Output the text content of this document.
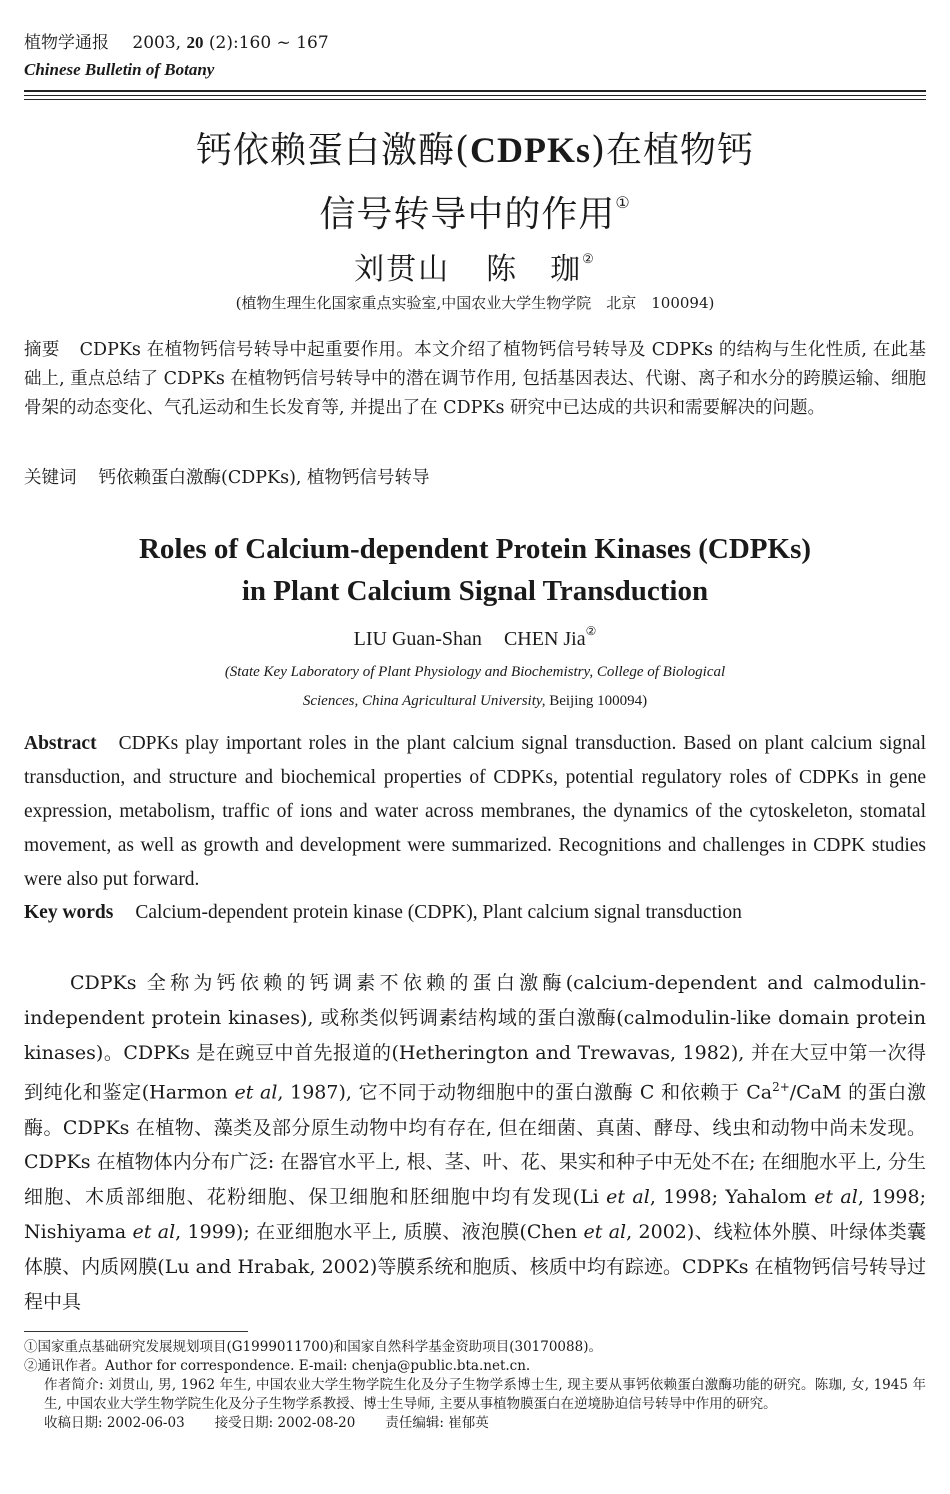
植物学通报 2003, 20 (2):160 ~ 167
Chinese Bulletin of Botany
钙依赖蛋白激酶(CDPKs)在植物钙
信号转导中的作用①
刘贯山 陈　珈②
(植物生理生化国家重点实验室,中国农业大学生物学院　北京　100094)
摘要 CDPKs 在植物钙信号转导中起重要作用。本文介绍了植物钙信号转导及 CDPKs 的结构与生化性质, 在此基础上, 重点总结了 CDPKs 在植物钙信号转导中的潜在调节作用, 包括基因表达、代谢、离子和水分的跨膜运输、细胞骨架的动态变化、气孔运动和生长发育等, 并提出了在 CDPKs 研究中已达成的共识和需要解决的问题。
关键词 钙依赖蛋白激酶(CDPKs), 植物钙信号转导
Roles of Calcium-dependent Protein Kinases (CDPKs)
in Plant Calcium Signal Transduction
LIU Guan-Shan CHEN Jia②
(State Key Laboratory of Plant Physiology and Biochemistry, College of Biological
Sciences, China Agricultural University, Beijing 100094)
Abstract CDPKs play important roles in the plant calcium signal transduction. Based on plant calcium signal transduction, and structure and biochemical properties of CDPKs, potential regulatory roles of CDPKs in gene expression, metabolism, traffic of ions and water across membranes, the dynamics of the cytoskeleton, stomatal movement, as well as growth and development were summarized. Recognitions and challenges in CDPK studies were also put forward.
Key words Calcium-dependent protein kinase (CDPK), Plant calcium signal transduction
CDPKs 全称为钙依赖的钙调素不依赖的蛋白激酶(calcium-dependent and calmodulin-independent protein kinases), 或称类似钙调素结构域的蛋白激酶(calmodulin-like domain protein kinases)。CDPKs 是在豌豆中首先报道的(Hetherington and Trewavas, 1982), 并在大豆中第一次得到纯化和鉴定(Harmon et al, 1987), 它不同于动物细胞中的蛋白激酶 C 和依赖于 $Ca^{2+}$/CaM 的蛋白激酶。CDPKs 在植物、藻类及部分原生动物中均有存在, 但在细菌、真菌、酵母、线虫和动物中尚未发现。CDPKs 在植物体内分布广泛: 在器官水平上, 根、茎、叶、花、果实和种子中无处不在; 在细胞水平上, 分生细胞、木质部细胞、花粉细胞、保卫细胞和胚细胞中均有发现(Li et al, 1998; Yahalom et al, 1998; Nishiyama et al, 1999); 在亚细胞水平上, 质膜、液泡膜(Chen et al, 2002)、线粒体外膜、叶绿体类囊体膜、内质网膜(Lu and Hrabak, 2002)等膜系统和胞质、核质中均有踪迹。CDPKs 在植物钙信号转导过程中具

①国家重点基础研究发展规划项目(G1999011700)和国家自然科学基金资助项目(30170088)。

②通讯作者。Author for correspondence. E-mail: chenja@public.bta.net.cn.

作者简介: 刘贯山, 男, 1962 年生, 中国农业大学生物学院生化及分子生物学系博士生, 现主要从事钙依赖蛋白激酶功能的研究。陈珈, 女, 1945 年生, 中国农业大学生物学院生化及分子生物学系教授、博士生导师, 主要从事植物膜蛋白在逆境胁迫信号转导中作用的研究。

收稿日期: 2002-06-03 接受日期: 2002-08-20 责任编辑: 崔郁英
